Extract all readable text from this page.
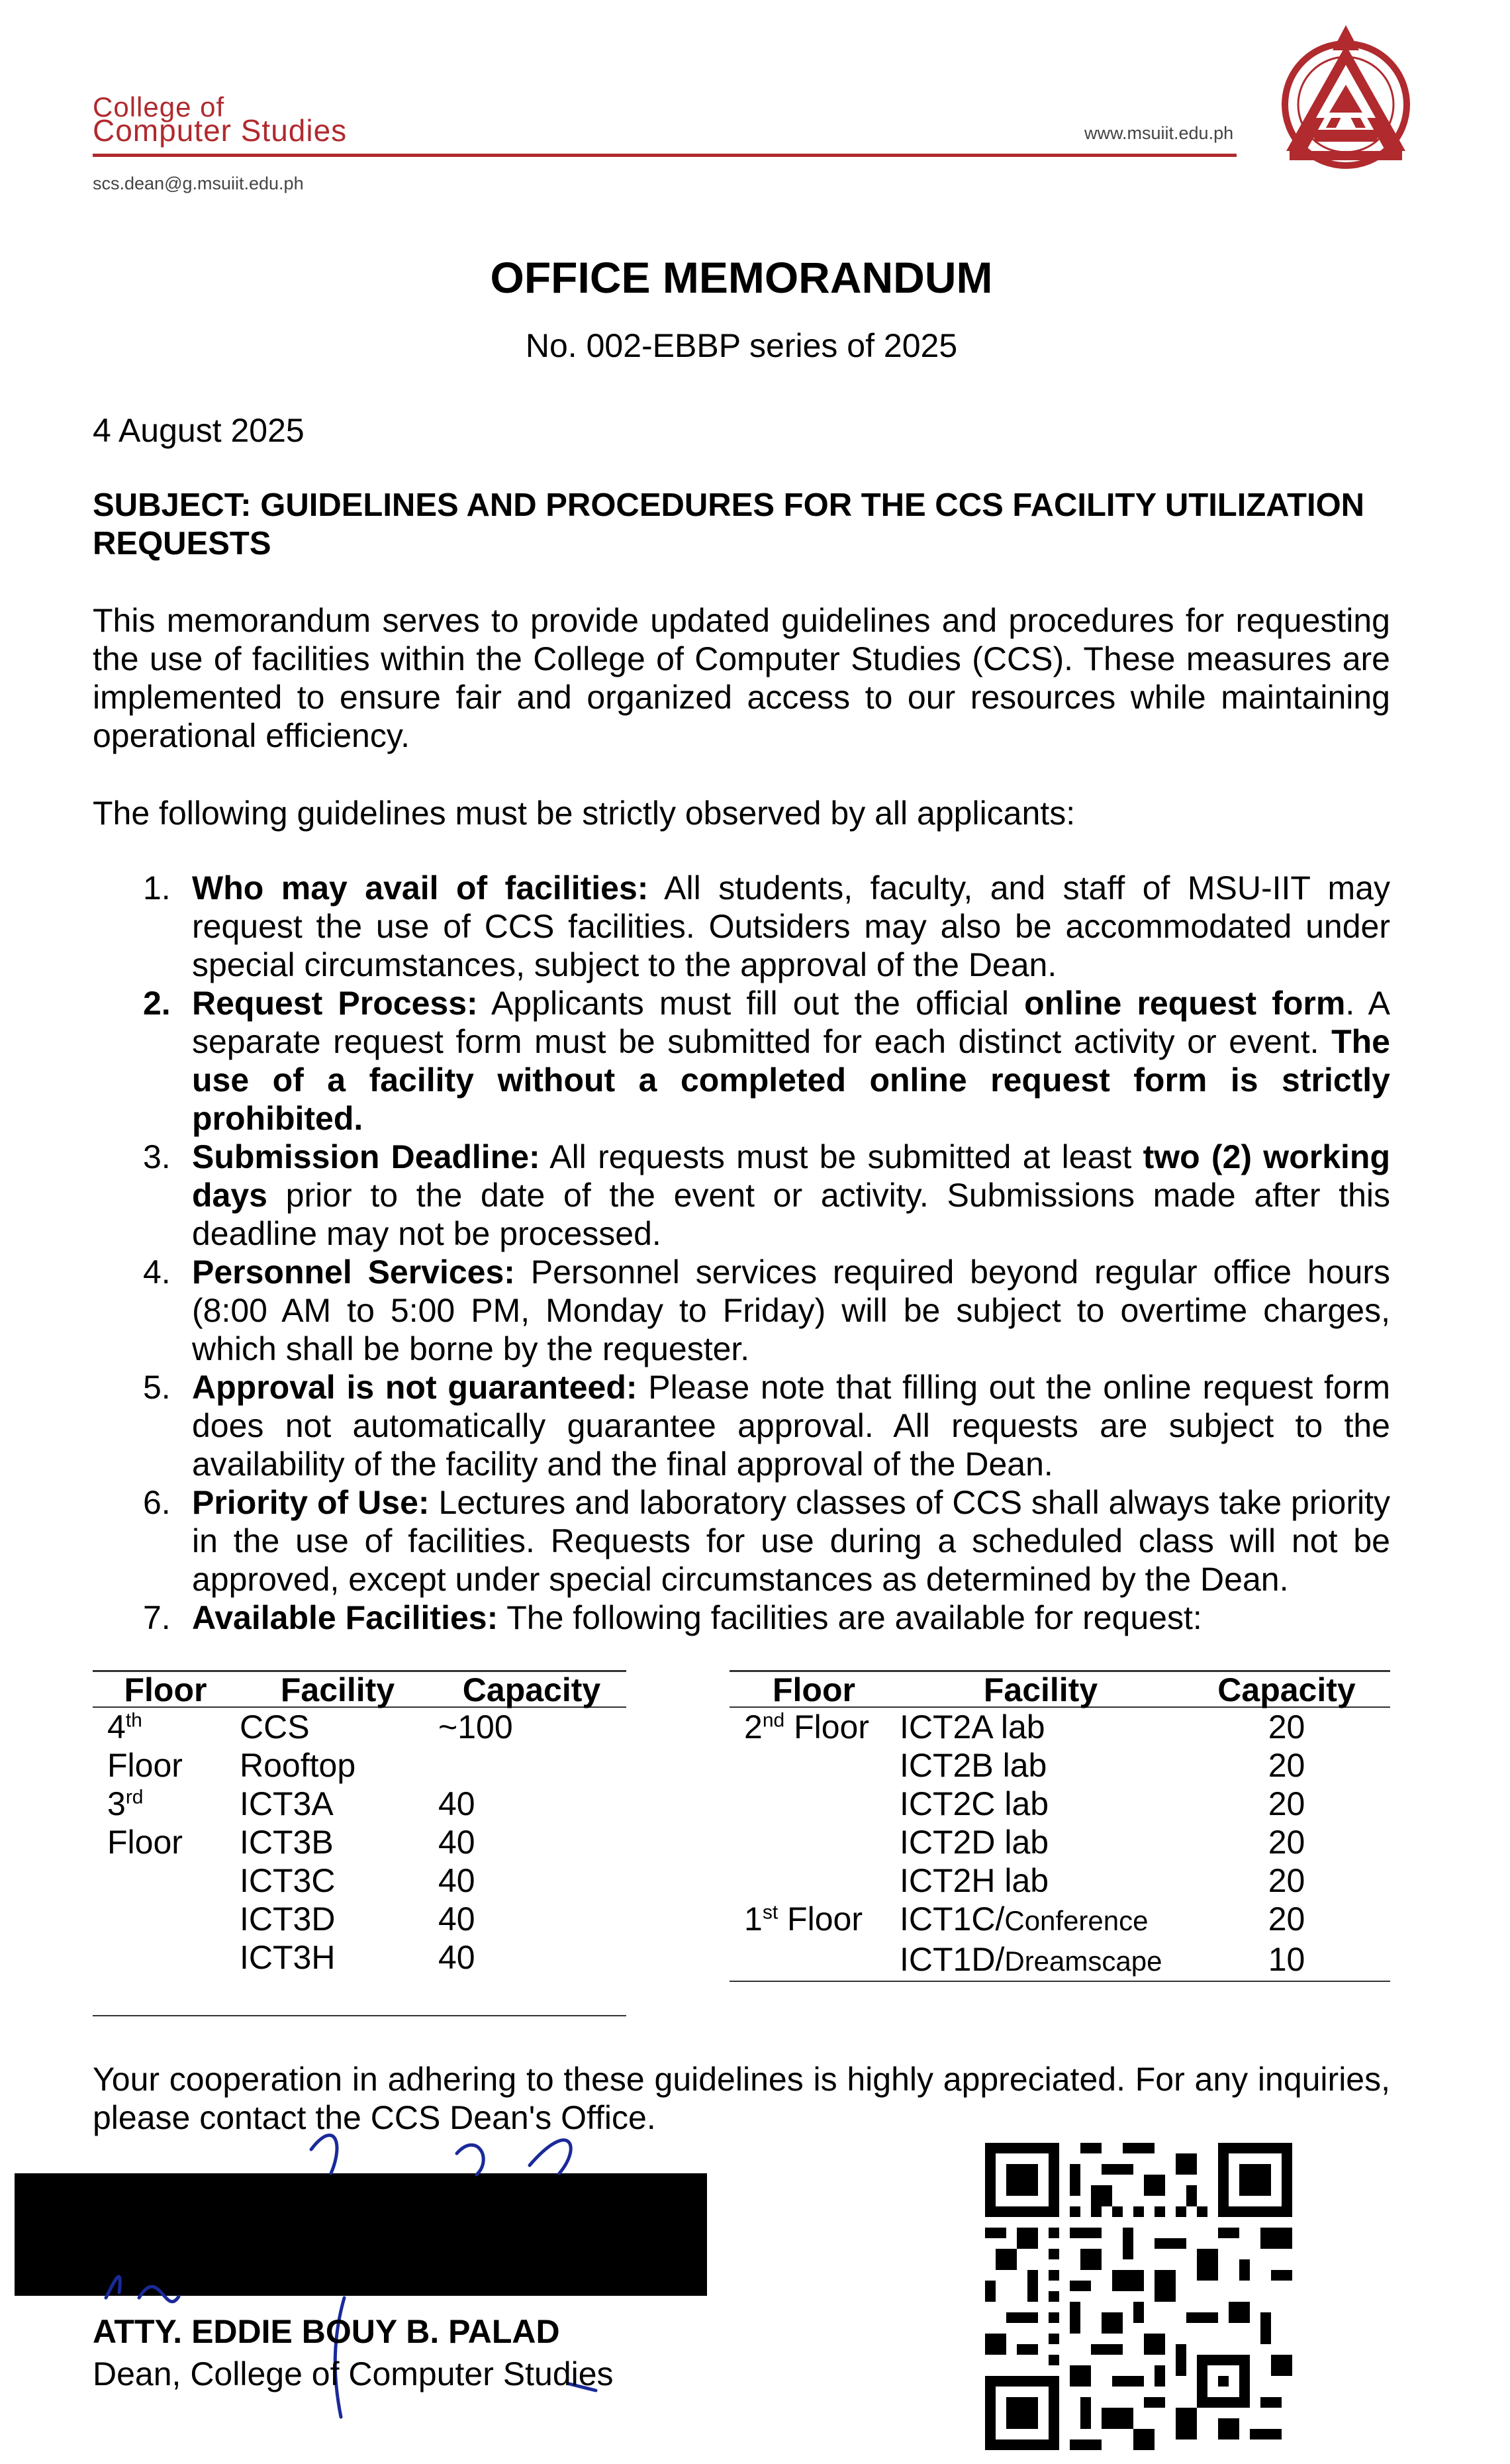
College of
Computer Studies	www.msuiit.edu.ph
scs.dean@g.msuiit.edu.ph
OFFICE MEMORANDUM
No. 002-EBBP series of 2025
4 August 2025
SUBJECT: GUIDELINES AND PROCEDURES FOR THE CCS FACILITY UTILIZATION REQUESTS
This memorandum serves to provide updated guidelines and procedures for requesting the use of facilities within the College of Computer Studies (CCS). These measures are implemented to ensure fair and organized access to our resources while maintaining operational efficiency.
The following guidelines must be strictly observed by all applicants:
1. Who may avail of facilities: All students, faculty, and staff of MSU-IIT may request the use of CCS facilities. Outsiders may also be accommodated under special circumstances, subject to the approval of the Dean.
2. Request Process: Applicants must fill out the official online request form. A separate request form must be submitted for each distinct activity or event. The use of a facility without a completed online request form is strictly prohibited.
3. Submission Deadline: All requests must be submitted at least two (2) working days prior to the date of the event or activity. Submissions made after this deadline may not be processed.
4. Personnel Services: Personnel services required beyond regular office hours (8:00 AM to 5:00 PM, Monday to Friday) will be subject to overtime charges, which shall be borne by the requester.
5. Approval is not guaranteed: Please note that filling out the online request form does not automatically guarantee approval. All requests are subject to the availability of the facility and the final approval of the Dean.
6. Priority of Use: Lectures and laboratory classes of CCS shall always take priority in the use of facilities. Requests for use during a scheduled class will not be approved, except under special circumstances as determined by the Dean.
7. Available Facilities: The following facilities are available for request:
Floor	Facility	Capacity
4th	CCS	~100
Floor	Rooftop	
3rd	ICT3A	40
Floor	ICT3B	40
	ICT3C	40
	ICT3D	40
	ICT3H	40

Floor	Facility	Capacity
2nd Floor	ICT2A lab	20
	ICT2B lab	20
	ICT2C lab	20
	ICT2D lab	20
	ICT2H lab	20
1st Floor	ICT1C/Conference	20
	ICT1D/Dreamscape	10
Your cooperation in adhering to these guidelines is highly appreciated. For any inquiries, please contact the CCS Dean's Office.
ATTY. EDDIE BOUY B. PALAD
Dean, College of Computer Studies
